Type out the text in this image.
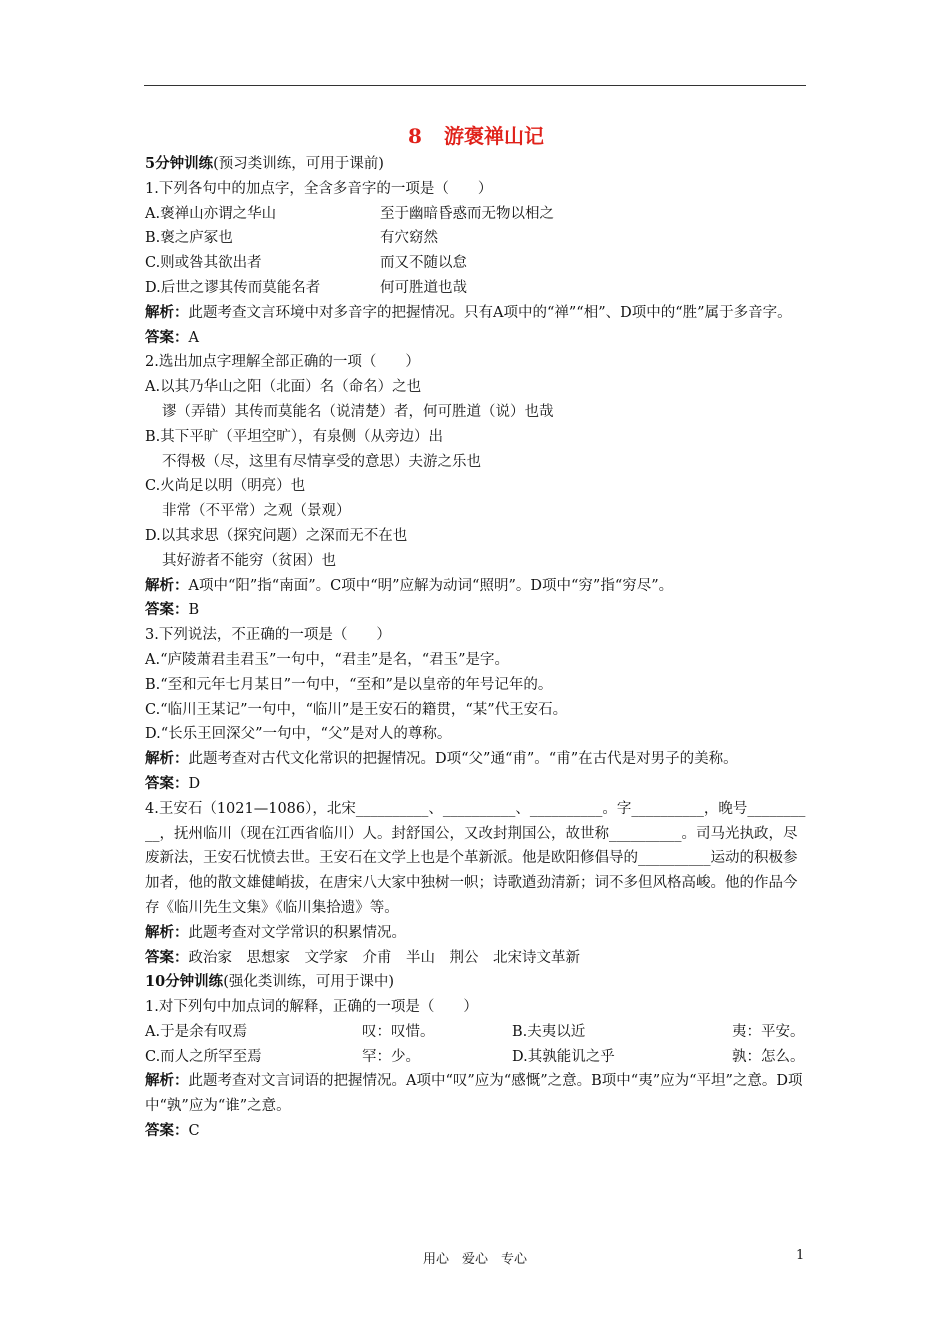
8 游褒禅山记
5分钟训练(预习类训练，可用于课前)
1.下列各句中的加点字，全含多音字的一项是（　　）
A.褒禅山亦谓之华山	至于幽暗昏惑而无物以相之
B.褒之庐冢也	有穴窈然
C.则或咎其欲出者	而又不随以怠
D.后世之谬其传而莫能名者	何可胜道也哉
解析：此题考查文言环境中对多音字的把握情况。只有A项中的“禅”“相”、D项中的“胜”属于多音字。
答案：A
2.选出加点字理解全部正确的一项（　　）
A.以其乃华山之阳（北面）名（命名）之也
谬（弄错）其传而莫能名（说清楚）者，何可胜道（说）也哉
B.其下平旷（平坦空旷），有泉侧（从旁边）出
不得极（尽，这里有尽情享受的意思）夫游之乐也
C.火尚足以明（明亮）也
非常（不平常）之观（景观）
D.以其求思（探究问题）之深而无不在也
其好游者不能穷（贫困）也
解析：A项中“阳”指“南面”。C项中“明”应解为动词“照明”。D项中“穷”指“穷尽”。
答案：B
3.下列说法，不正确的一项是（　　）
A.“庐陵萧君圭君玉”一句中，“君圭”是名，“君玉”是字。
B.“至和元年七月某日”一句中，“至和”是以皇帝的年号记年的。
C.“临川王某记”一句中，“临川”是王安石的籍贯，“某”代王安石。
D.“长乐王回深父”一句中，“父”是对人的尊称。
解析：此题考查对古代文化常识的把握情况。D项“父”通“甫”。“甫”在古代是对男子的美称。
答案：D
4.王安石（1021—1086），北宋__________、__________、__________。字__________，晚号__________，抚州临川（现在江西省临川）人。封舒国公，又改封荆国公，故世称__________。司马光执政，尽废新法，王安石忧愤去世。王安石在文学上也是个革新派。他是欧阳修倡导的__________运动的积极参加者，他的散文雄健峭拔，在唐宋八大家中独树一帜；诗歌遒劲清新；词不多但风格高峻。他的作品今存《临川先生文集》《临川集拾遗》等。
解析：此题考查对文学常识的积累情况。
答案：政治家　思想家　文学家　介甫　半山　荆公　北宋诗文革新
10分钟训练(强化类训练，可用于课中)
1.对下列句中加点词的解释，正确的一项是（　　）
A.于是余有叹焉	叹：叹惜。	B.夫夷以近	夷：平安。
C.而人之所罕至焉	罕：少。	D.其孰能讥之乎	孰：怎么。
解析：此题考查对文言词语的把握情况。A项中“叹”应为“感慨”之意。B项中“夷”应为“平坦”之意。D项中“孰”应为“谁”之意。
答案：C
用心　爱心　专心	1
